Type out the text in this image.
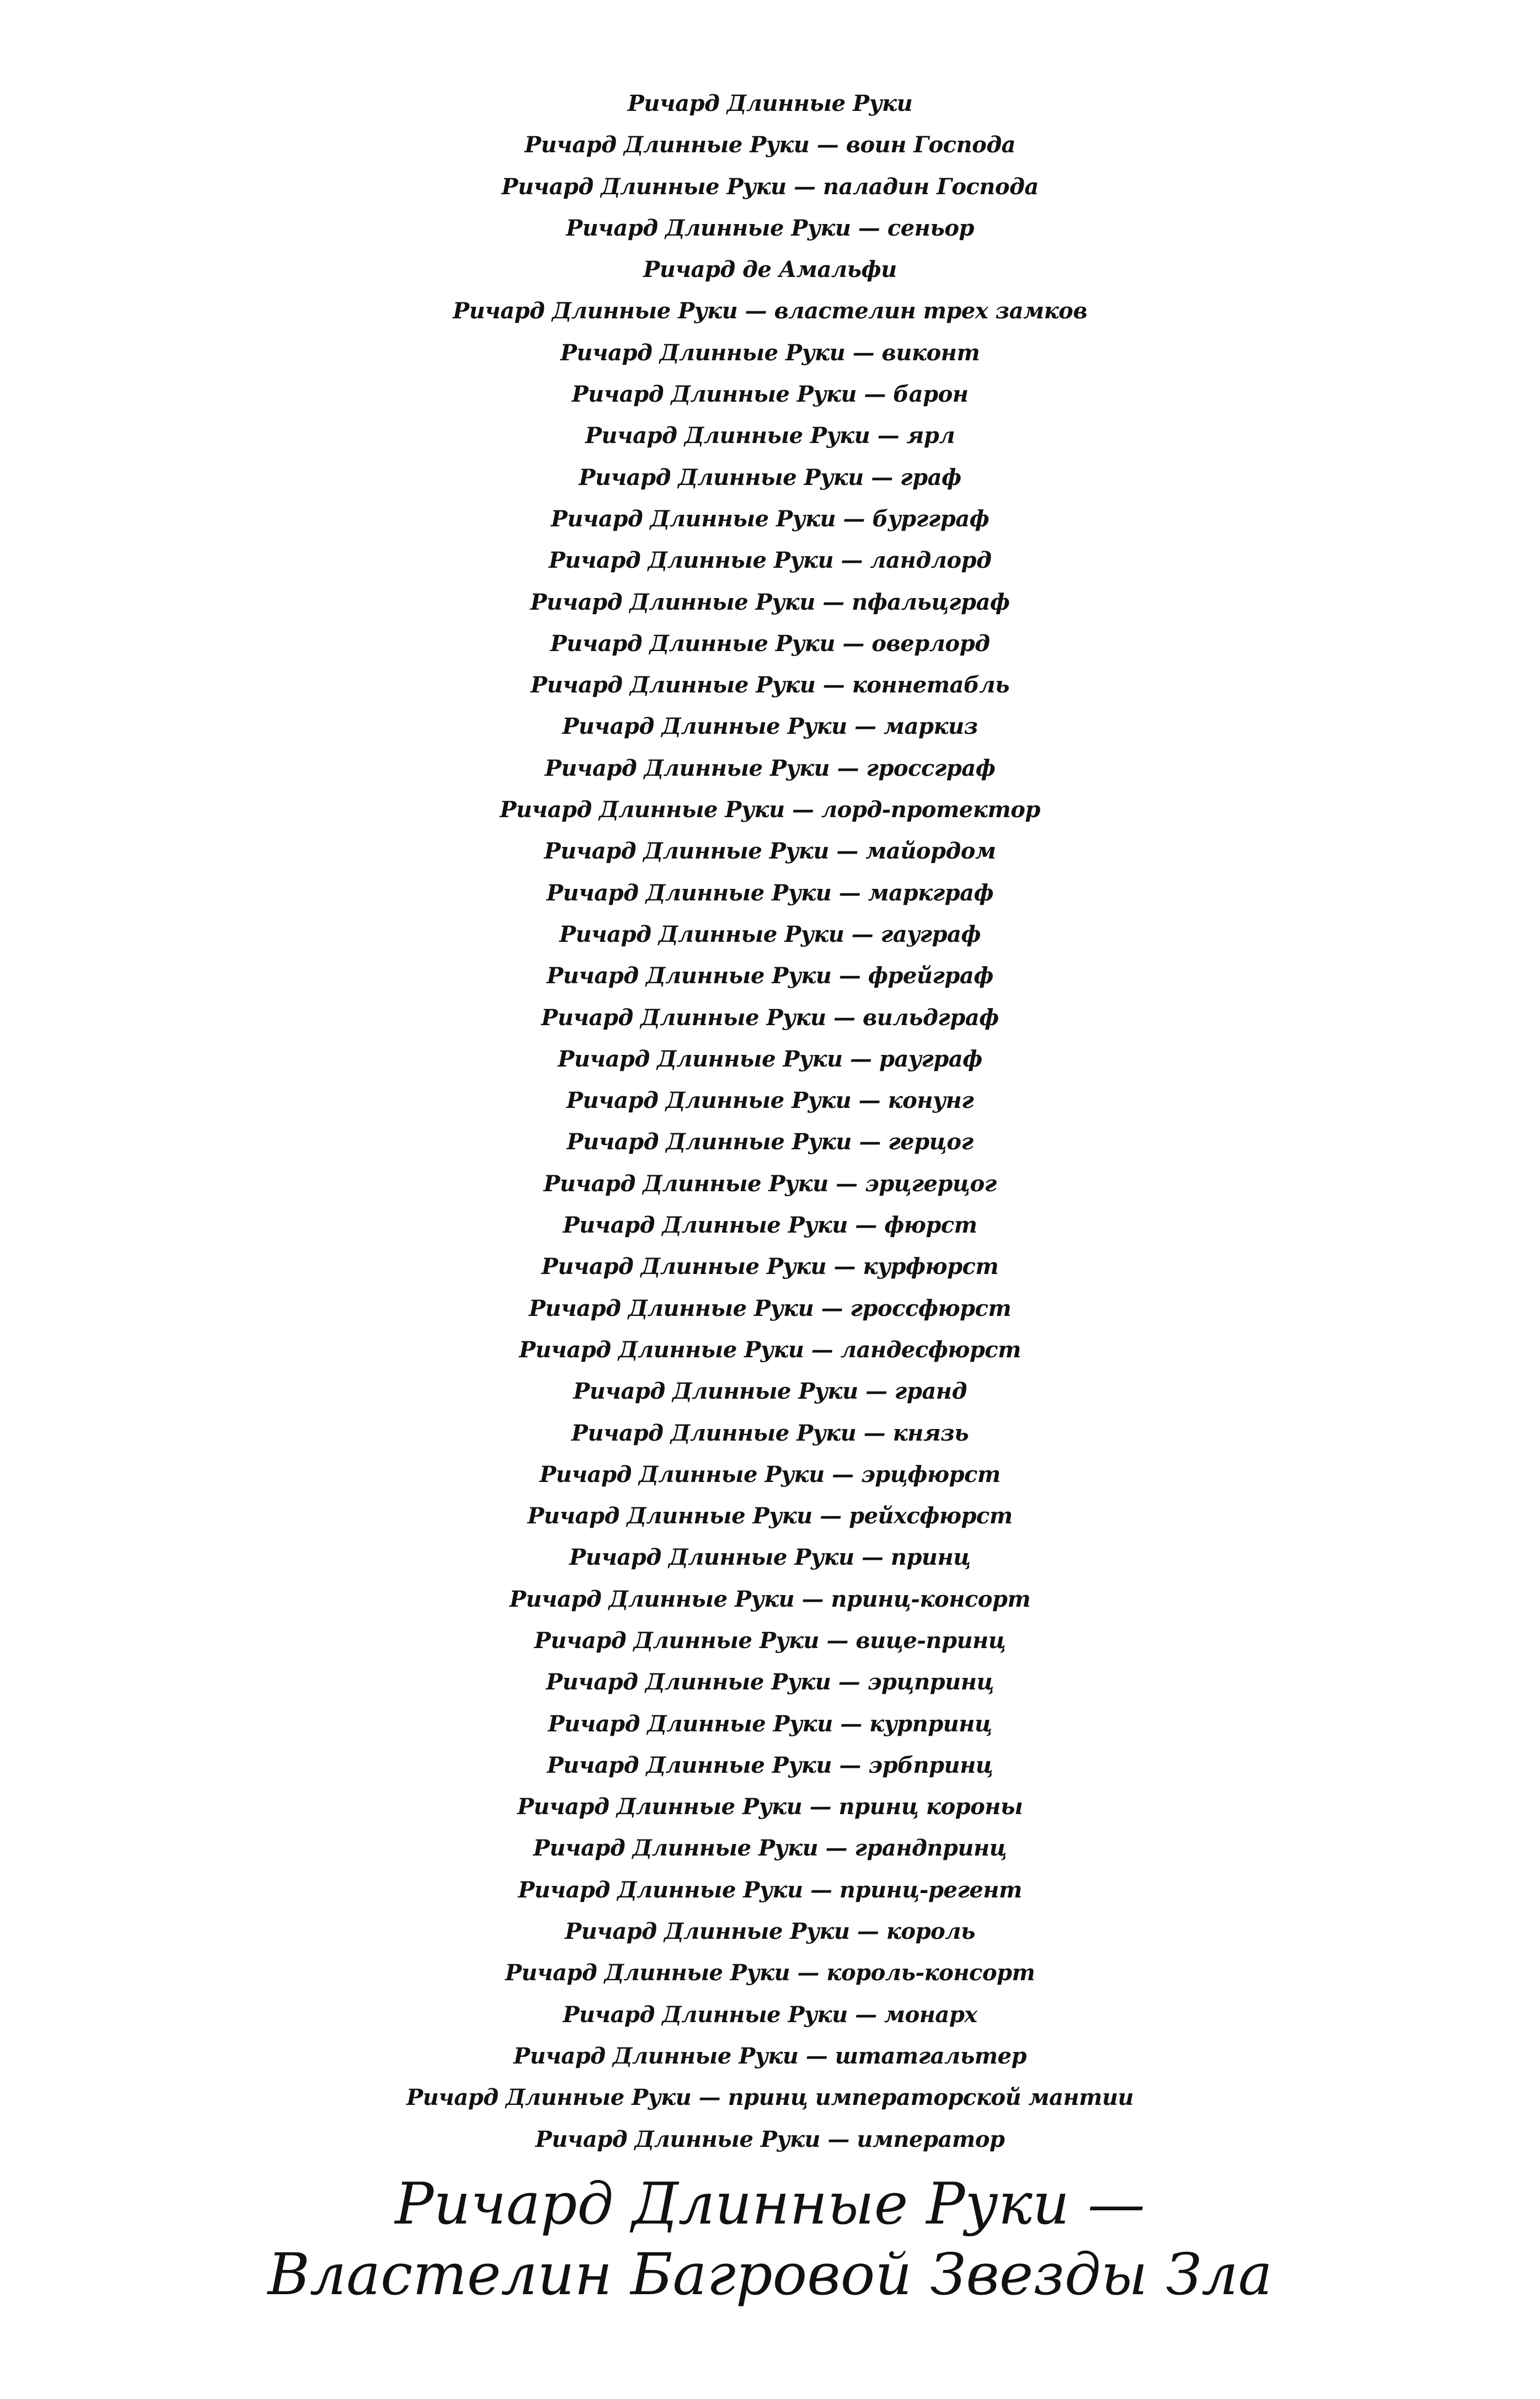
Ричард Длинные Руки
Ричард Длинные Руки — воин Господа
Ричард Длинные Руки — паладин Господа
Ричард Длинные Руки — сеньор
Ричард де Амальфи
Ричард Длинные Руки — властелин трех замков
Ричард Длинные Руки — виконт
Ричард Длинные Руки — барон
Ричард Длинные Руки — ярл
Ричард Длинные Руки — граф
Ричард Длинные Руки — бургграф
Ричард Длинные Руки — ландлорд
Ричард Длинные Руки — пфальцграф
Ричард Длинные Руки — оверлорд
Ричард Длинные Руки — коннетабль
Ричард Длинные Руки — маркиз
Ричард Длинные Руки — гроссграф
Ричард Длинные Руки — лорд-протектор
Ричард Длинные Руки — майордом
Ричард Длинные Руки — маркграф
Ричард Длинные Руки — гауграф
Ричард Длинные Руки — фрейграф
Ричард Длинные Руки — вильдграф
Ричард Длинные Руки — рауграф
Ричард Длинные Руки — конунг
Ричард Длинные Руки — герцог
Ричард Длинные Руки — эрцгерцог
Ричард Длинные Руки — фюрст
Ричард Длинные Руки — курфюрст
Ричард Длинные Руки — гроссфюрст
Ричард Длинные Руки — ландесфюрст
Ричард Длинные Руки — гранд
Ричард Длинные Руки — князь
Ричард Длинные Руки — эрцфюрст
Ричард Длинные Руки — рейхсфюрст
Ричард Длинные Руки — принц
Ричард Длинные Руки — принц-консорт
Ричард Длинные Руки — вице-принц
Ричард Длинные Руки — эрцпринц
Ричард Длинные Руки — курпринц
Ричард Длинные Руки — эрбпринц
Ричард Длинные Руки — принц короны
Ричард Длинные Руки — грандпринц
Ричард Длинные Руки — принц-регент
Ричард Длинные Руки — король
Ричард Длинные Руки — король-консорт
Ричард Длинные Руки — монарх
Ричард Длинные Руки — штатгальтер
Ричард Длинные Руки — принц императорской мантии
Ричард Длинные Руки — император
Ричард Длинные Руки —
Властелин Багровой Звезды Зла
